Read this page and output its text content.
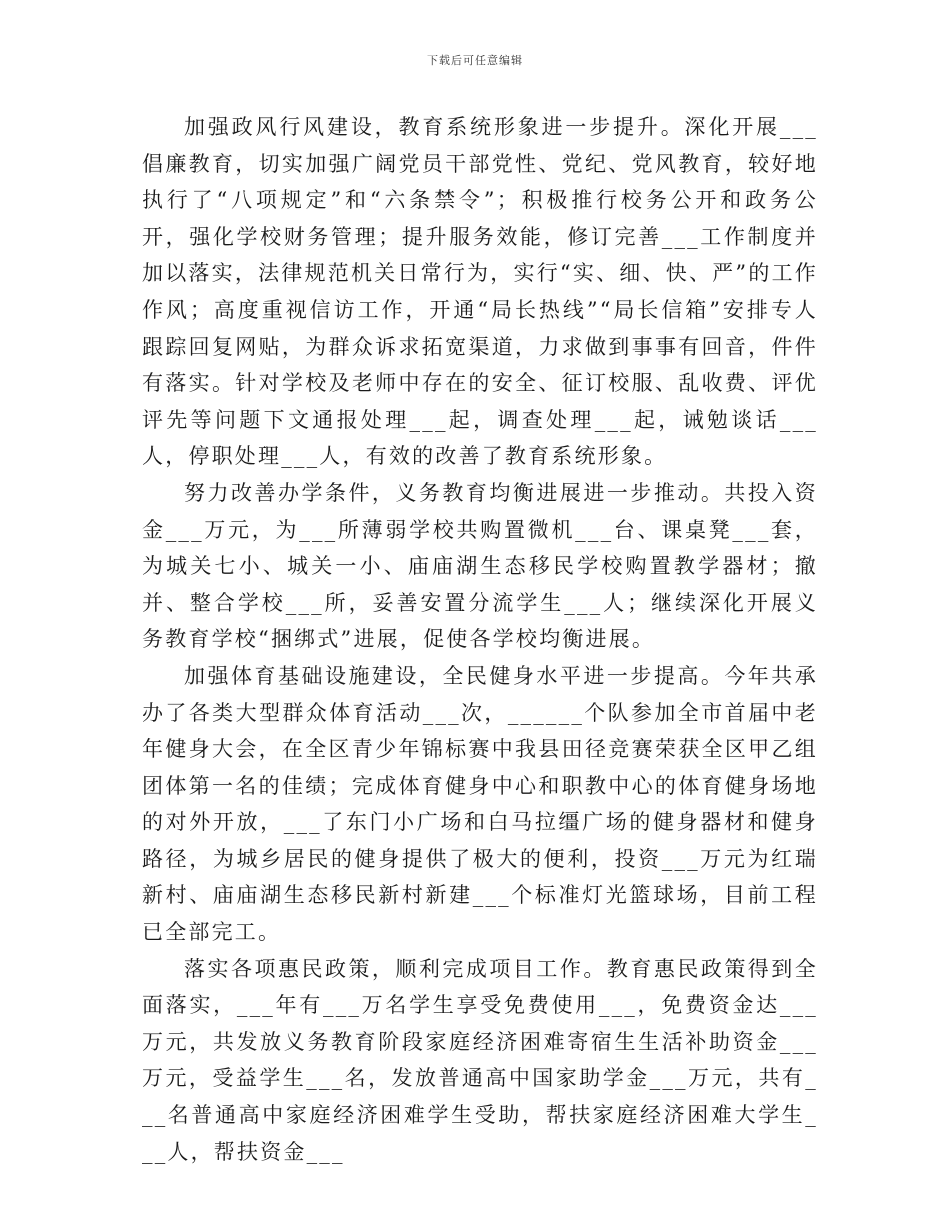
下载后可任意编辑

加强政风行风建设，教育系统形象进一步提升。深化开展___倡廉教育，切实加强广阔党员干部党性、党纪、党风教育，较好地执行了“八项规定”和“六条禁令”；积极推行校务公开和政务公开，强化学校财务管理；提升服务效能，修订完善___工作制度并加以落实，法律规范机关日常行为，实行“实、细、快、严”的工作作风；高度重视信访工作，开通“局长热线”“局长信箱”安排专人跟踪回复网贴，为群众诉求拓宽渠道，力求做到事事有回音，件件有落实。针对学校及老师中存在的安全、征订校服、乱收费、评优评先等问题下文通报处理___起，调查处理___起，诫勉谈话___人，停职处理___人，有效的改善了教育系统形象。

努力改善办学条件，义务教育均衡进展进一步推动。共投入资金___万元，为___所薄弱学校共购置微机___台、课桌凳___套，为城关七小、城关一小、庙庙湖生态移民学校购置教学器材；撤并、整合学校___所，妥善安置分流学生___人；继续深化开展义务教育学校“捆绑式”进展，促使各学校均衡进展。

加强体育基础设施建设，全民健身水平进一步提高。今年共承办了各类大型群众体育活动___次，______个队参加全市首届中老年健身大会，在全区青少年锦标赛中我县田径竞赛荣获全区甲乙组团体第一名的佳绩；完成体育健身中心和职教中心的体育健身场地的对外开放，___了东门小广场和白马拉缰广场的健身器材和健身路径，为城乡居民的健身提供了极大的便利，投资___万元为红瑞新村、庙庙湖生态移民新村新建___个标准灯光篮球场，目前工程已全部完工。

落实各项惠民政策，顺利完成项目工作。教育惠民政策得到全面落实，___年有___万名学生享受免费使用___，免费资金达___万元，共发放义务教育阶段家庭经济困难寄宿生生活补助资金___万元，受益学生___名，发放普通高中国家助学金___万元，共有___名普通高中家庭经济困难学生受助，帮扶家庭经济困难大学生___人，帮扶资金___
